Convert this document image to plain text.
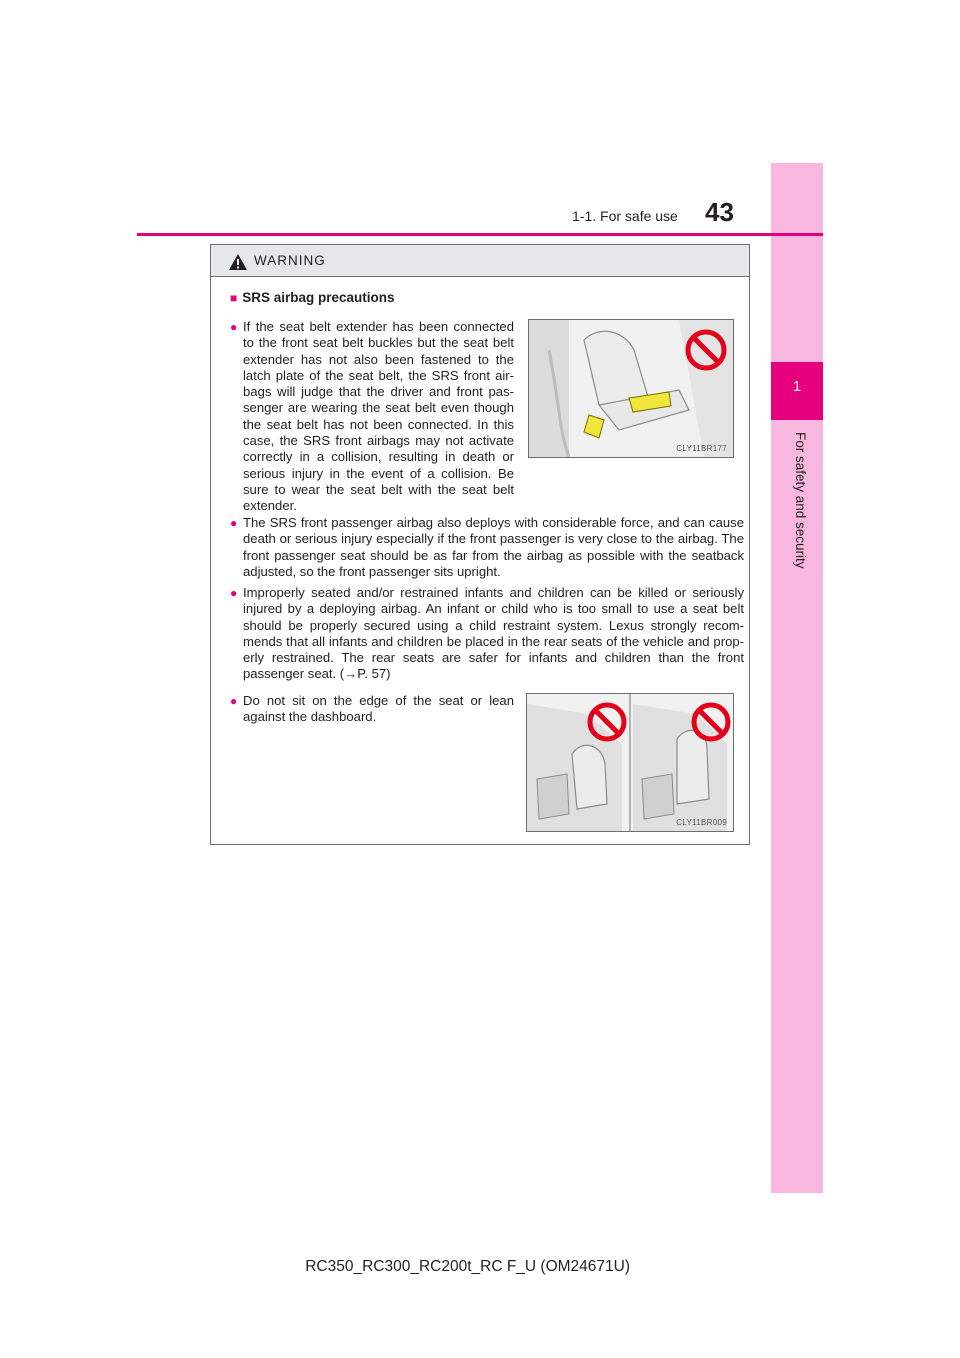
1
For safety and security
1-1. For safe use 43
WARNING
■ SRS airbag precautions
● If the seat belt extender has been connected to the front seat belt buckles but the seat belt extender has not also been fastened to the latch plate of the seat belt, the SRS front air-bags will judge that the driver and front pas-senger are wearing the seat belt even though the seat belt has not been connected. In this case, the SRS front airbags may not activate correctly in a collision, resulting in death or serious injury in the event of a collision. Be sure to wear the seat belt with the seat belt extender.
CLY11BR177
● The SRS front passenger airbag also deploys with considerable force, and can cause death or serious injury especially if the front passenger is very close to the airbag. The front passenger seat should be as far from the airbag as possible with the seatback adjusted, so the front passenger sits upright.
● Improperly seated and/or restrained infants and children can be killed or seriously injured by a deploying airbag. An infant or child who is too small to use a seat belt should be properly secured using a child restraint system. Lexus strongly recom-mends that all infants and children be placed in the rear seats of the vehicle and prop-erly restrained. The rear seats are safer for infants and children than the front passenger seat. (→P. 57)
● Do not sit on the edge of the seat or lean against the dashboard.
CLY11BR009
RC350_RC300_RC200t_RC F_U (OM24671U)
